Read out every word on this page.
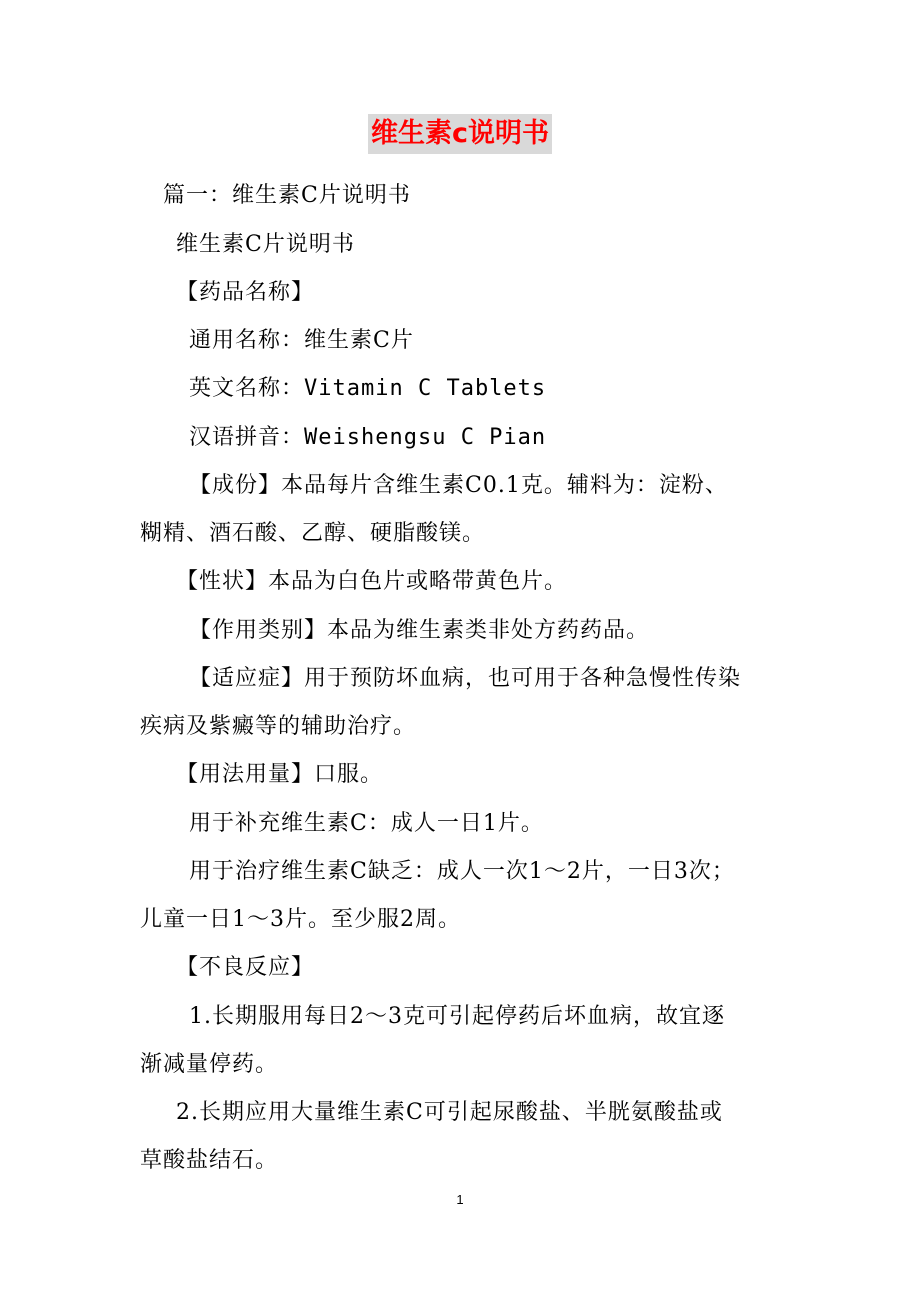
维生素c说明书
篇一：维生素C片说明书
维生素C片说明书
【药品名称】
通用名称：维生素C片
英文名称：Vitamin C Tablets
汉语拼音：Weishengsu C Pian
【成份】本品每片含维生素C0.1克。辅料为：淀粉、
糊精、酒石酸、乙醇、硬脂酸镁。
【性状】本品为白色片或略带黄色片。
【作用类别】本品为维生素类非处方药药品。
【适应症】用于预防坏血病，也可用于各种急慢性传染
疾病及紫癜等的辅助治疗。
【用法用量】口服。
用于补充维生素C：成人一日1片。
用于治疗维生素C缺乏：成人一次1～2片，一日3次；
儿童一日1～3片。至少服2周。
【不良反应】
1.长期服用每日2～3克可引起停药后坏血病，故宜逐
渐减量停药。
2.长期应用大量维生素C可引起尿酸盐、半胱氨酸盐或
草酸盐结石。
1
